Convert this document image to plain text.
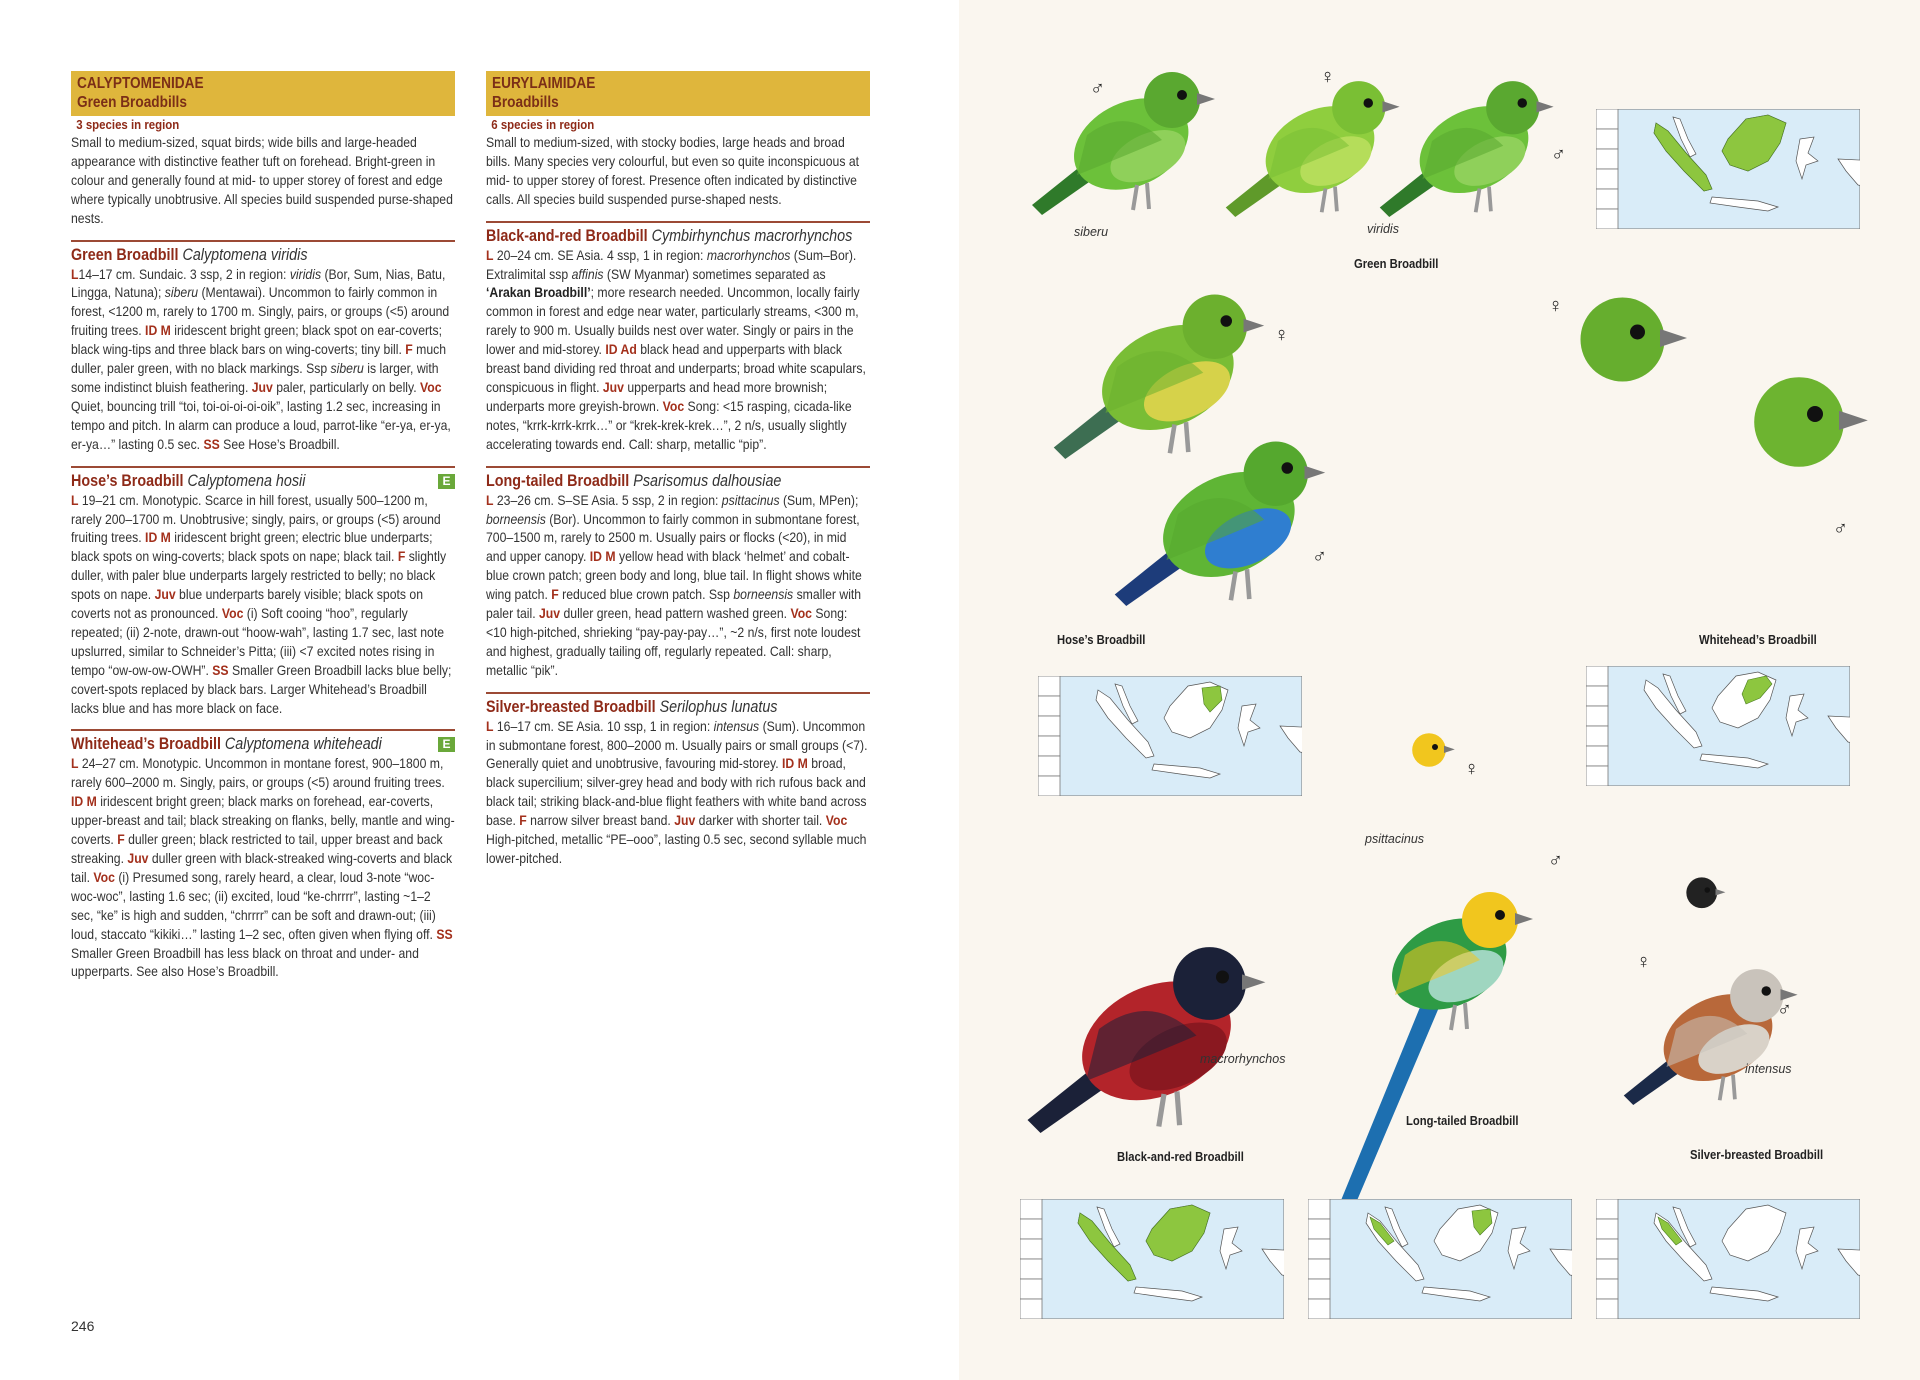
CALYPTOMENIDAE
Green Broadbills
3 species in region
Small to medium-sized, squat birds; wide bills and large-headed appearance with distinctive feather tuft on forehead. Bright-green in colour and generally found at mid- to upper storey of forest and edge where typically unobtrusive. All species build suspended purse-shaped nests.
Green Broadbill Calyptomena viridis
L14–17 cm. Sundaic. 3 ssp, 2 in region: viridis (Bor, Sum, Nias, Batu, Lingga, Natuna); siberu (Mentawai). Uncommon to fairly common in forest, <1200 m, rarely to 1700 m. Singly, pairs, or groups (<5) around fruiting trees. ID M iridescent bright green; black spot on ear-coverts; black wing-tips and three black bars on wing-coverts; tiny bill. F much duller, paler green, with no black markings. Ssp siberu is larger, with some indistinct bluish feathering. Juv paler, particularly on belly. Voc Quiet, bouncing trill “toi, toi-oi-oi-oi-oik”, lasting 1.2 sec, increasing in tempo and pitch. In alarm can produce a loud, parrot-like “er-ya, er-ya, er-ya…” lasting 0.5 sec. SS See Hose’s Broadbill.
Hose’s Broadbill Calyptomena hosii	E
L 19–21 cm. Monotypic. Scarce in hill forest, usually 500–1200 m, rarely 200–1700 m. Unobtrusive; singly, pairs, or groups (<5) around fruiting trees. ID M iridescent bright green; electric blue underparts; black spots on wing-coverts; black spots on nape; black tail. F slightly duller, with paler blue underparts largely restricted to belly; no black spots on nape. Juv blue underparts barely visible; black spots on coverts not as pronounced. Voc (i) Soft cooing “hoo”, regularly repeated; (ii) 2-note, drawn-out “hoow-wah”, lasting 1.7 sec, last note upslurred, similar to Schneider’s Pitta; (iii) <7 excited notes rising in tempo “ow-ow-ow-OWH”. SS Smaller Green Broadbill lacks blue belly; covert-spots replaced by black bars. Larger Whitehead’s Broadbill lacks blue and has more black on face.
Whitehead’s Broadbill Calyptomena whiteheadi	E
L 24–27 cm. Monotypic. Uncommon in montane forest, 900–1800 m, rarely 600–2000 m. Singly, pairs, or groups (<5) around fruiting trees. ID M iridescent bright green; black marks on forehead, ear-coverts, upper-breast and tail; black streaking on flanks, belly, mantle and wing-coverts. F duller green; black restricted to tail, upper breast and back streaking. Juv duller green with black-streaked wing-coverts and black tail. Voc (i) Presumed song, rarely heard, a clear, loud 3-note “woc-woc-woc”, lasting 1.6 sec; (ii) excited, loud “ke-chrrrr”, lasting ~1–2 sec, “ke” is high and sudden, “chrrrr” can be soft and drawn-out; (iii) loud, staccato “kikiki…” lasting 1–2 sec, often given when flying off. SS Smaller Green Broadbill has less black on throat and under- and upperparts. See also Hose’s Broadbill.
EURYLAIMIDAE
Broadbills
6 species in region
Small to medium-sized, with stocky bodies, large heads and broad bills. Many species very colourful, but even so quite inconspicuous at mid- to upper storey of forest. Presence often indicated by distinctive calls. All species build suspended purse-shaped nests.
Black-and-red Broadbill Cymbirhynchus macrorhynchos
L 20–24 cm. SE Asia. 4 ssp, 1 in region: macrorhynchos (Sum–Bor). Extralimital ssp affinis (SW Myanmar) sometimes separated as ‘Arakan Broadbill’; more research needed. Uncommon, locally fairly common in forest and edge near water, particularly streams, <300 m, rarely to 900 m. Usually builds nest over water. Singly or pairs in the lower and mid-storey. ID Ad black head and upperparts with black breast band dividing red throat and underparts; broad white scapulars, conspicuous in flight. Juv upperparts and head more brownish; underparts more greyish-brown. Voc Song: <15 rasping, cicada-like notes, “krrk-krrk-krrk…” or “krek-krek-krek…”, 2 n/s, usually slightly accelerating towards end. Call: sharp, metallic “pip”.
Long-tailed Broadbill Psarisomus dalhousiae
L 23–26 cm. S–SE Asia. 5 ssp, 2 in region: psittacinus (Sum, MPen); borneensis (Bor). Uncommon to fairly common in submontane forest, 700–1500 m, rarely to 2500 m. Usually pairs or flocks (<20), in mid and upper canopy. ID M yellow head with black ‘helmet’ and cobalt-blue crown patch; green body and long, blue tail. In flight shows white wing patch. F reduced blue crown patch. Ssp borneensis smaller with paler tail. Juv duller green, head pattern washed green. Voc Song: <10 high-pitched, shrieking “pay-pay-pay…”, ~2 n/s, first note loudest and highest, gradually tailing off, regularly repeated. Call: sharp, metallic “pik”.
Silver-breasted Broadbill Serilophus lunatus
L 16–17 cm. SE Asia. 10 ssp, 1 in region: intensus (Sum). Uncommon in submontane forest, 800–2000 m. Usually pairs or small groups (<7). Generally quiet and unobtrusive, favouring mid-storey. ID M broad, black supercilium; silver-grey head and body with rich rufous back and black tail; striking black-and-blue flight feathers with white band across base. F narrow silver breast band. Juv darker with shorter tail. Voc High-pitched, metallic “PE–ooo”, lasting 0.5 sec, second syllable much lower-pitched.
246
siberu	viridis
Green Broadbill
Hose’s Broadbill	Whitehead’s Broadbill
psittacinus
macrorhynchos
intensus
Long-tailed Broadbill
Black-and-red Broadbill	Silver-breasted Broadbill
♂
♀
♂
♀
♀
♂
♂
♀
♂
♀
♂
